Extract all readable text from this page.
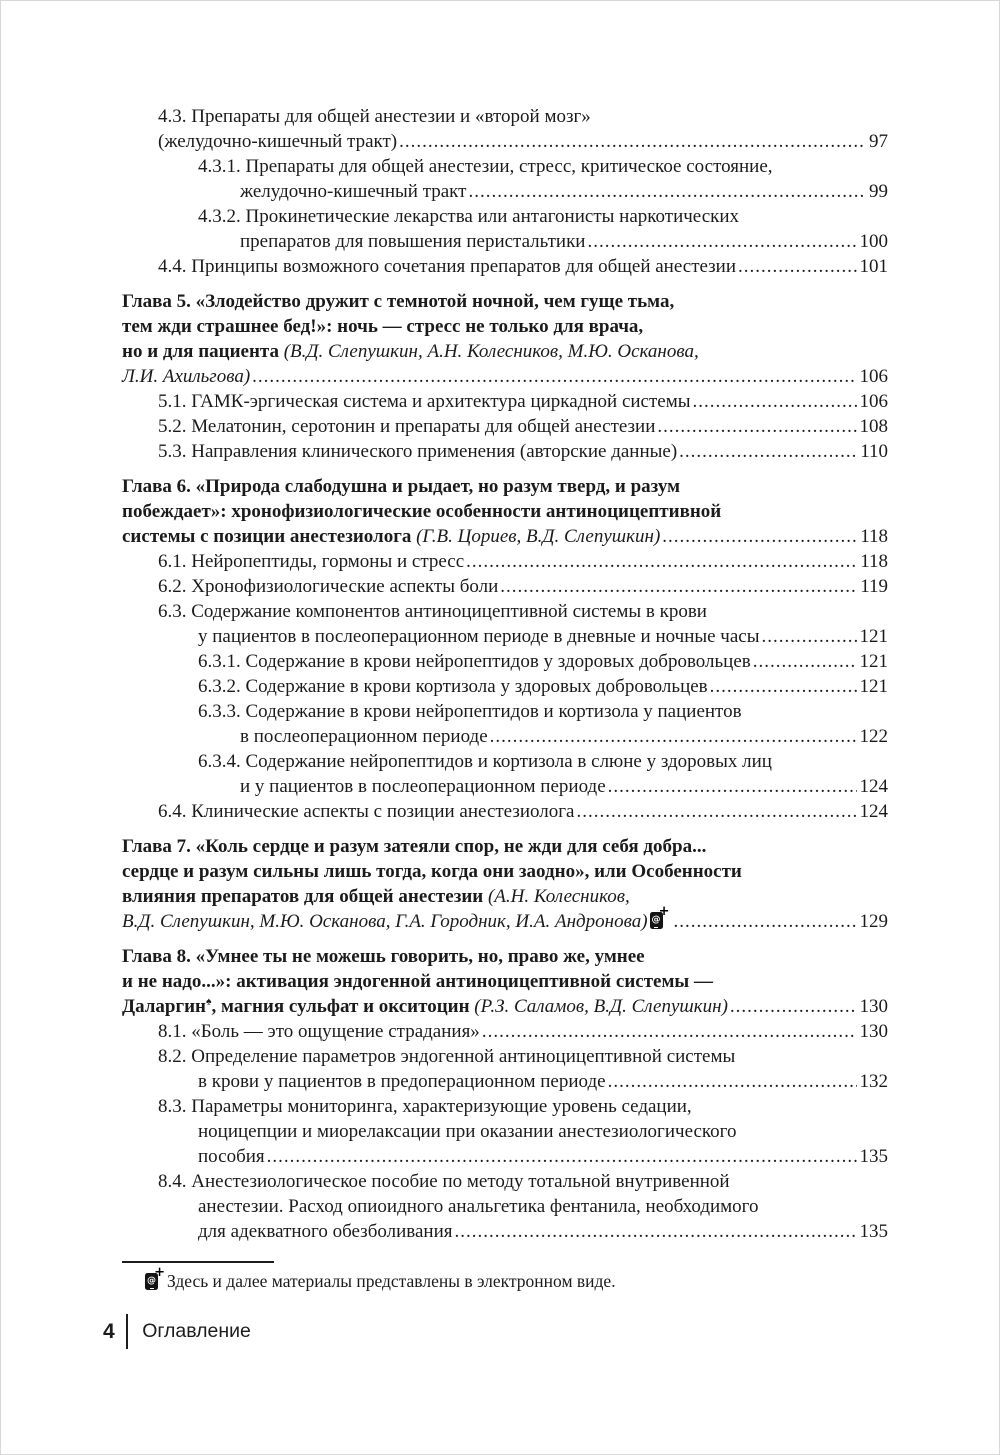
4.3. Препараты для общей анестезии и «второй мозг»
(желудочно-кишечный тракт) .....	97
4.3.1. Препараты для общей анестезии, стресс, критическое состояние,
желудочно-кишечный тракт .....	99
4.3.2. Прокинетические лекарства или антагонисты наркотических
препаратов для повышения перистальтики .....	100
4.4. Принципы возможного сочетания препаратов для общей анестезии .....	101
Глава 5. «Злодейство дружит с темнотой ночной, чем гуще тьма,
тем жди страшнее бед!»: ночь — стресс не только для врача,
но и для пациента (В.Д. Слепушкин, А.Н. Колесников, М.Ю. Осканова,
Л.И. Ахильгова) .....	106
5.1. ГАМК-эргическая система и архитектура циркадной системы .....	106
5.2. Мелатонин, серотонин и препараты для общей анестезии .....	108
5.3. Направления клинического применения (авторские данные) .....	110
Глава 6. «Природа слабодушна и рыдает, но разум тверд, и разум
побеждает»: хронофизиологические особенности антиноцицептивной
системы с позиции анестезиолога (Г.В. Цориев, В.Д. Слепушкин) .....	118
6.1. Нейропептиды, гормоны и стресс .....	118
6.2. Хронофизиологические аспекты боли .....	119
6.3. Содержание компонентов антиноцицептивной системы в крови
у пациентов в послеоперационном периоде в дневные и ночные часы .....	121
6.3.1. Содержание в крови нейропептидов у здоровых добровольцев .....	121
6.3.2. Содержание в крови кортизола у здоровых добровольцев .....	121
6.3.3. Содержание в крови нейропептидов и кортизола у пациентов
в послеоперационном периоде .....	122
6.3.4. Содержание нейропептидов и кортизола в слюне у здоровых лиц
и у пациентов в послеоперационном периоде .....	124
6.4. Клинические аспекты с позиции анестезиолога .....	124
Глава 7. «Коль сердце и разум затеяли спор, не жди для себя добра...
сердце и разум сильны лишь тогда, когда они заодно», или Особенности
влияния препаратов для общей анестезии (А.Н. Колесников,
В.Д. Слепушкин, М.Ю. Осканова, Г.А. Городник, И.А. Андронова) @
+ .....	129
Глава 8. «Умнее ты не можешь говорить, но, право же, умнее
и не надо...»: активация эндогенной антиноцицептивной системы —
Даларгин♠, магния сульфат и окситоцин (Р.З. Саламов, В.Д. Слепушкин) .....	130
8.1. «Боль — это ощущение страдания» .....	130
8.2. Определение параметров эндогенной антиноцицептивной системы
в крови у пациентов в предоперационном периоде .....	132
8.3. Параметры мониторинга, характеризующие уровень седации,
ноцицепции и миорелаксации при оказании анестезиологического
пособия .....	135
8.4. Анестезиологическое пособие по методу тотальной внутривенной
анестезии. Расход опиоидного анальгетика фентанила, необходимого
для адекватного обезболивания .....	135
@
+ Здесь и далее материалы представлены в электронном виде.
4 Оглавление
